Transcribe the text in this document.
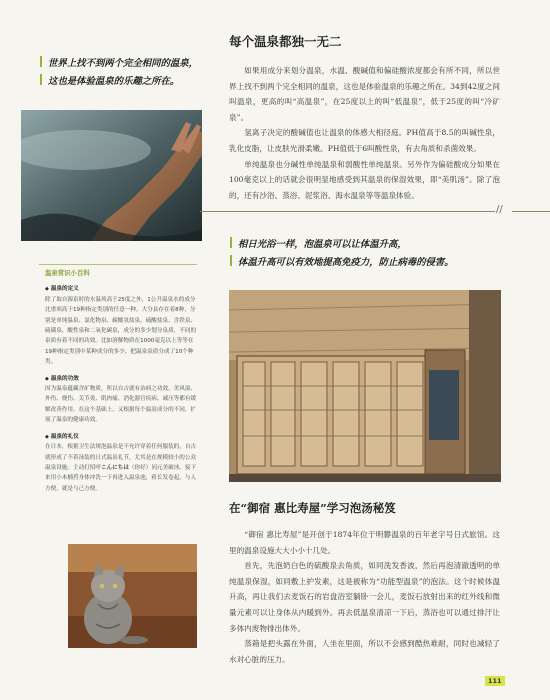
世界上找不到两个完全相同的温泉，
这也是体验温泉的乐趣之所在。
每个温泉都独一无二

如果用成分来划分温泉，水温、酸碱值和偏硅酸浓度都会有所不同，所以世界上找不到两个完全相同的温泉，这也是体验温泉的乐趣之所在。34到42度之间叫温泉，更高的叫“高温泉”，在25度以上的叫“低温泉”，低于25度的叫“冷矿泉”。

氢离子决定的酸碱值也让温泉的体感大相径庭。PH值高于8.5的叫碱性泉，乳化皮脂，让皮肤光滑柔嫩。PH值低于6叫酸性泉，有去角质和杀菌效果。

单纯温泉也分碱性单纯温泉和弱酸性单纯温泉。另外作为偏硅酸成分如果在100毫克以上的话就会很明显地感受到其温泉的保湿效果，即“美肌汤”。除了泡的，还有沙浴、蒸浴、泥浆浴、海水温泉等等温泉体验。

//
相日光浴一样，泡温泉可以让体温升高，
体温升高可以有效地提高免疫力，防止病毒的侵害。
温泉常识小百科
◆ 温泉的定义

除了取自源泉时的水温须高于25度之外，1公升温泉水的成分比重须高于19种指定类别的任意一种。大分县存在着8种，分别是单纯温泉、氯化物泉、碳酸氢盐泉、硫酸盐泉、含铁泉、硫磺泉、酸性泉和二氧化碳泉，成分的多少划分泉质，不同的泉质有着不同的功效。比如溶解物质在1000毫克以上等等在19种指定类别中某种成分的多少，把温泉泉质分成了10个种类。

◆ 温泉的功效

因为温泉蕴藏含矿物质，所以自古就有治病之功效，美风湿、外伤、烧伤、关节炎、肌肉痛、消化器官疾病、减压等都有缓解改善作用。在这个基础上，又根据每个温泉成分的不同，扩展了温泉的健康功效。

◆ 温泉的礼仪

在日本，根据卫生法规泡温泉是不允许穿着任何服装的，自古就形成了不着泳装的日式温泉礼节，尤其是在规模较小的公众温泉设施。主动打招呼こんにちは（你好）同元美破冰。接下来用小木桶舀身体冲洗一下再进入温泉池，蒋长发卷起，与人方便，就是与己方便。

在“御宿 惠比寿屋”学习泡汤秘笈

“御宿 惠比寿屋”是开创于1874年位于明礬温泉的百年老字号日式旅馆。这里的温泉设施大大小小十几处。

首先，先泡奶白色的硫酸泉去角质，如同洗发香波，然后再泡清澈透明的单纯温泉保湿，如同敷上护发素，这是被称为“功能型温泉”的泡法。这个时候体温升高，再让我们去麦饭石的岩盘浴室躺卧一会儿，麦饭石放射出来的红外线和微量元素可以让身体从内暖到外。再去低温泉清凉一下后，蒸浴也可以通过排汗让多体内废物排出体外。

蒸箱是把头露在外面，人坐在里面，所以不会感到酷热难耐，同时也减轻了水对心脏的压力。

111
